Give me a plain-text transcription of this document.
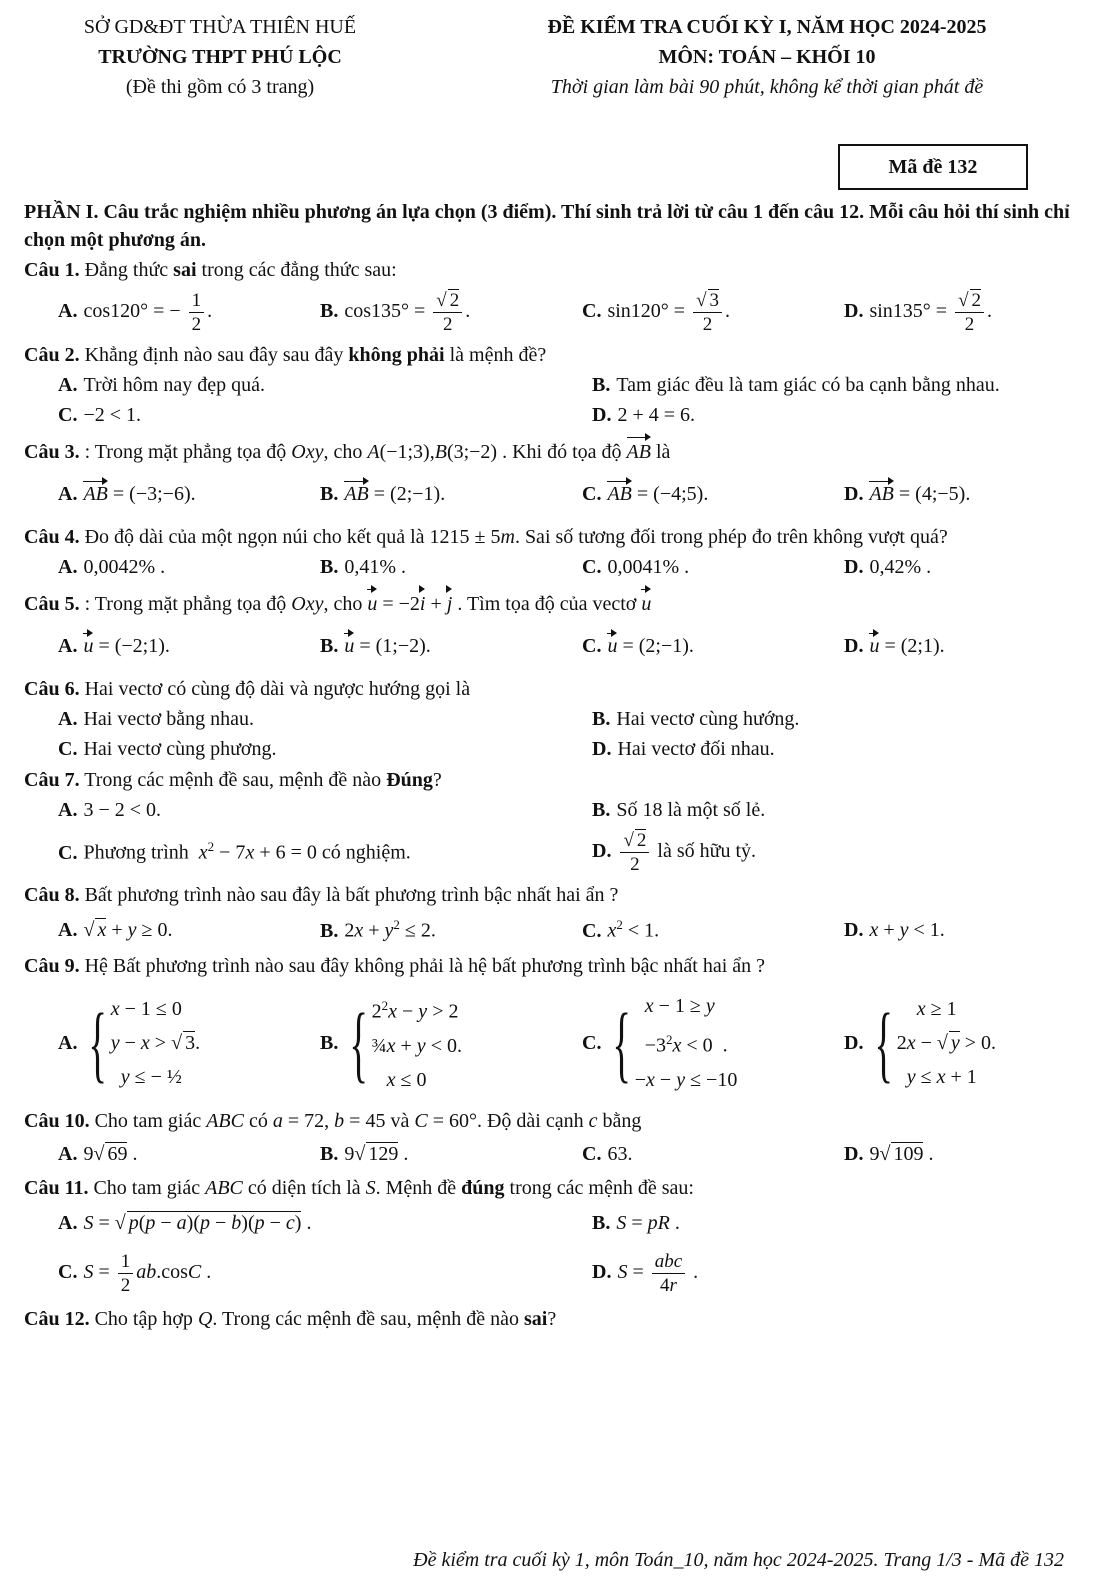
SỞ GD&ĐT THỪA THIÊN HUẾ
TRƯỜNG THPT PHÚ LỘC
(Đề thi gồm có 3 trang)
ĐỀ KIỂM TRA CUỐI KỲ I, NĂM HỌC 2024-2025
MÔN: TOÁN – KHỐI 10
Thời gian làm bài 90 phút, không kể thời gian phát đề
Mã đề 132
PHẦN I. Câu trắc nghiệm nhiều phương án lựa chọn (3 điểm). Thí sinh trả lời từ câu 1 đến câu 12. Mỗi câu hỏi thí sinh chỉ chọn một phương án.
Câu 1. Đẳng thức sai trong các đẳng thức sau:
A. cos120° = − $\frac{1}{2}$ .	B. $\cos 135^\circ = \frac{√ 2}{2}$ .	C. $\sin 120^\circ = \frac{√ 3}{2}$ .	D. $\sin 135^\circ = \frac{√ 2}{2}$ .
Câu 2. Khẳng định nào sau đây sau đây không phải là mệnh đề?
A. Trời hôm nay đẹp quá.	B. Tam giác đều là tam giác có ba cạnh bằng nhau.
C. −2 < 1.	D. 2 + 4 = 6.
Câu 3. : Trong mặt phẳng tọa độ Oxy, cho A(−1;3),B(3;−2) . Khi đó tọa độ AB là
A. AB = (−3;−6).	B. AB = (2;−1).	C. AB = (−4;5).	D. AB = (4;−5).
Câu 4. Đo độ dài của một ngọn núi cho kết quả là 1215 ± 5m. Sai số tương đối trong phép đo trên không vượt quá?
A. 0,0042% .	B. 0,41% .	C. 0,0041% .	D. 0,42% .
Câu 5. : Trong mặt phẳng tọa độ Oxy, cho u = −2i + j . Tìm tọa độ của vectơ u
A. u = (−2;1).	B. u = (1;−2).	C. u = (2;−1).	D. u = (2;1).
Câu 6. Hai vectơ có cùng độ dài và ngược hướng gọi là
A. Hai vectơ bằng nhau.	B. Hai vectơ cùng hướng.
C. Hai vectơ cùng phương.	D. Hai vectơ đối nhau.
Câu 7. Trong các mệnh đề sau, mệnh đề nào Đúng?
A. 3 − 2 < 0.	B. Số 18 là một số lẻ.
C. Phương trình  $x^2 - 7x + 6 = 0$ có nghiệm.	D. $\frac{√ 2}{2}$ là số hữu tỷ.
Câu 8. Bất phương trình nào sau đây là bất phương trình bậc nhất hai ẩn ?
A. √ x + y ≥ 0.	B. $2x + y^2 \le 2$.	C. $x^2 < 1$.	D. x + y < 1.
Câu 9. Hệ Bất phương trình nào sau đây không phải là hệ bất phương trình bậc nhất hai ẩn ?
A. { x − 1 ≤ 0
y − x > √ 3.
y ≤ − ½
B. { $2^2x - y > 2$
¾x + y < 0.
x ≤ 0
C. { x − 1 ≥ y
$-3^2x < 0$  .
−x − y ≤ −10
D. {	x ≥ 1
2x − √ y > 0.
y ≤ x + 1
Câu 10. Cho tam giác ABC có a = 72, b = 45 và C = 60°. Độ dài cạnh c bằng
A. 9√ 69 .	B. 9√ 129 .	C. 63.	D. 9√ 109 .
Câu 11. Cho tam giác ABC có diện tích là S. Mệnh đề đúng trong các mệnh đề sau:
A. S = √ p(p − a)(p − b)(p − c) .	B. S = pR .
C. $S = \frac{1}{2} ab.\cos C$ .	D. $S = \frac{\text{abc}}{4r}$ .
Câu 12. Cho tập hợp Q. Trong các mệnh đề sau, mệnh đề nào sai?
Đề kiểm tra cuối kỳ 1, môn Toán_10, năm học 2024-2025. Trang 1/3 - Mã đề 132
